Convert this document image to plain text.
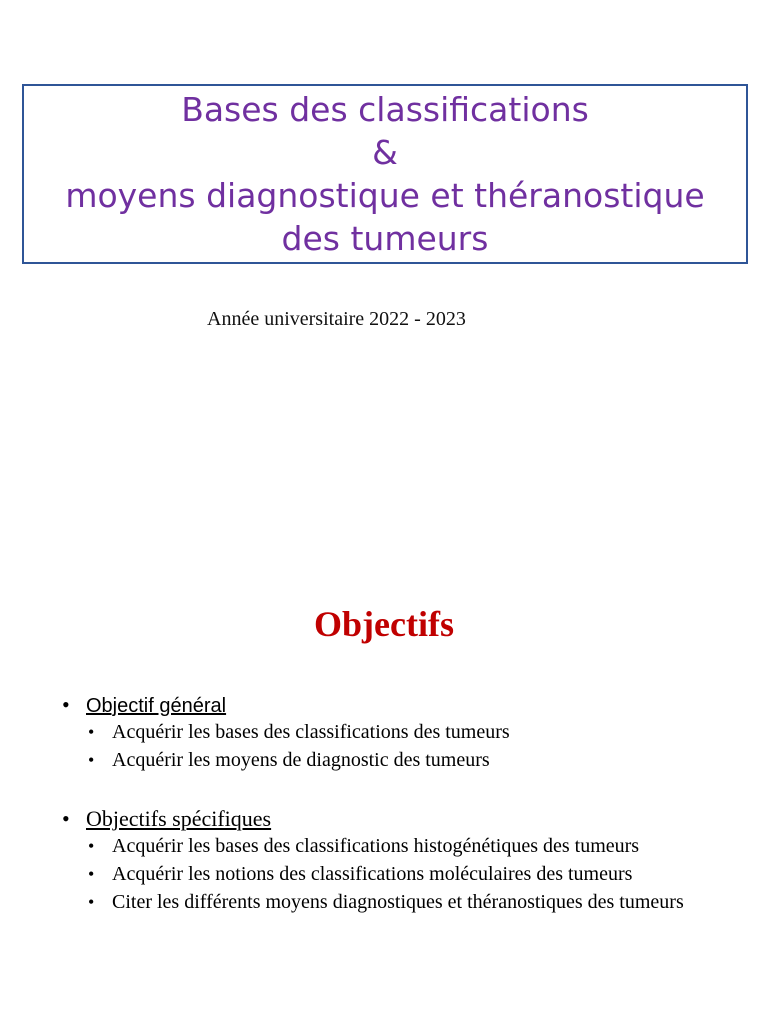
Bases des classifications
&
moyens diagnostique et théranostique
des tumeurs
Année universitaire 2022 - 2023
Objectifs
• Objectif général
• Acquérir les bases des classifications des tumeurs
• Acquérir les moyens de diagnostic des tumeurs
• Objectifs spécifiques
• Acquérir les bases des classifications histogénétiques des tumeurs
• Acquérir les notions des classifications moléculaires des tumeurs
• Citer les différents moyens diagnostiques et théranostiques des tumeurs
